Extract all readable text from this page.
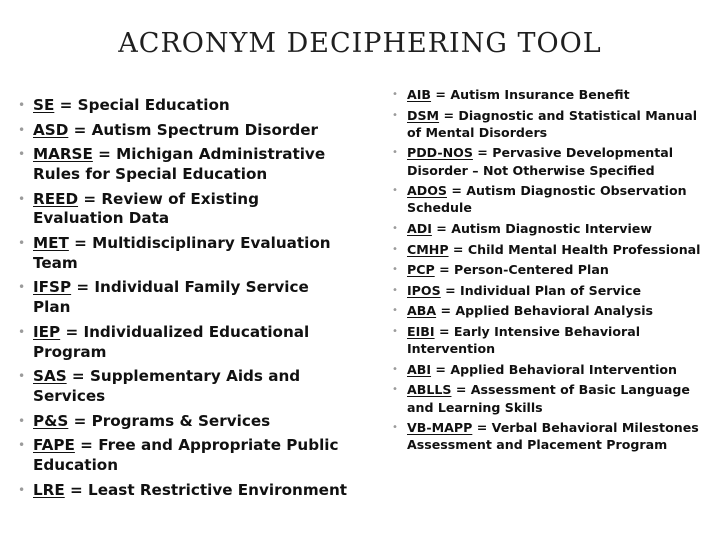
ACRONYM DECIPHERING TOOL
• SE = Special Education
• ASD = Autism Spectrum Disorder
• MARSE = Michigan Administrative Rules for Special Education
• REED = Review of Existing Evaluation Data
• MET = Multidisciplinary Evaluation Team
• IFSP = Individual Family Service Plan
• IEP = Individualized Educational Program
• SAS = Supplementary Aids and Services
• P&S = Programs & Services
• FAPE = Free and Appropriate Public Education
• LRE = Least Restrictive Environment
• AIB = Autism Insurance Benefit
• DSM = Diagnostic and Statistical Manual of Mental Disorders
• PDD-NOS = Pervasive Developmental Disorder – Not Otherwise Specified
• ADOS = Autism Diagnostic Observation Schedule
• ADI = Autism Diagnostic Interview
• CMHP = Child Mental Health Professional
• PCP = Person-Centered Plan
• IPOS = Individual Plan of Service
• ABA = Applied Behavioral Analysis
• EIBI = Early Intensive Behavioral Intervention
• ABI = Applied Behavioral Intervention
• ABLLS = Assessment of Basic Language and Learning Skills
• VB-MAPP = Verbal Behavioral Milestones Assessment and Placement Program
